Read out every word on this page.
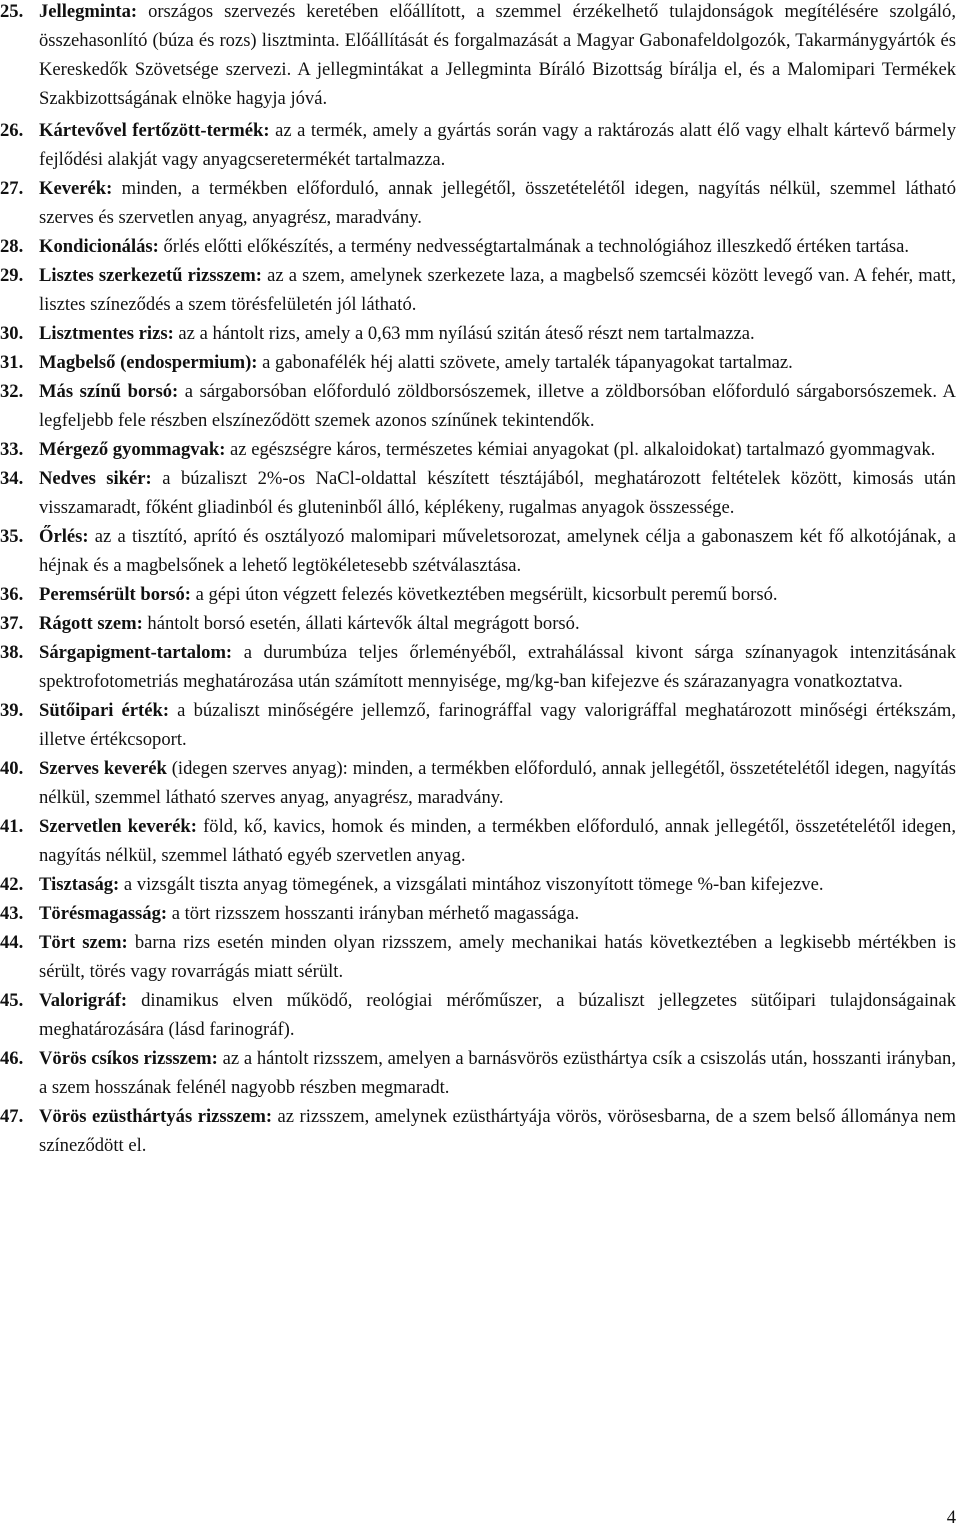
25. Jellegminta: országos szervezés keretében előállított, a szemmel érzékelhető tulajdonságok megítélésére szolgáló, összehasonlító (búza és rozs) lisztminta. Előállítását és forgalmazását a Magyar Gabonafeldolgozók, Takarmánygyártók és Kereskedők Szövetsége szervezi. A jellegmintákat a Jellegminta Bíráló Bizottság bírálja el, és a Malomipari Termékek Szakbizottságának elnöke hagyja jóvá.
26. Kártevővel fertőzött-termék: az a termék, amely a gyártás során vagy a raktározás alatt élő vagy elhalt kártevő bármely fejlődési alakját vagy anyagcseretermékét tartalmazza.
27. Keverék: minden, a termékben előforduló, annak jellegétől, összetételétől idegen, nagyítás nélkül, szemmel látható szerves és szervetlen anyag, anyagrész, maradvány.
28. Kondicionálás: őrlés előtti előkészítés, a termény nedvességtartalmának a technológiához illeszkedő értéken tartása.
29. Lisztes szerkezetű rizsszem: az a szem, amelynek szerkezete laza, a magbelső szemcséi között levegő van. A fehér, matt, lisztes színeződés a szem törésfelületén jól látható.
30. Lisztmentes rizs: az a hántolt rizs, amely a 0,63 mm nyílású szitán áteső részt nem tartalmazza.
31. Magbelső (endospermium): a gabonafélék héj alatti szövete, amely tartalék tápanyagokat tartalmaz.
32. Más színű borsó: a sárgaborsóban előforduló zöldborsószemek, illetve a zöldborsóban előforduló sárgaborsószemek. A legfeljebb fele részben elszíneződött szemek azonos színűnek tekintendők.
33. Mérgező gyommagvak: az egészségre káros, természetes kémiai anyagokat (pl. alkaloidokat) tartalmazó gyommagvak.
34. Nedves sikér: a búzaliszt 2%-os NaCl-oldattal készített tésztájából, meghatározott feltételek között, kimosás után visszamaradt, főként gliadinból és gluteninből álló, képlékeny, rugalmas anyagok összessége.
35. Őrlés: az a tisztító, aprító és osztályozó malomipari műveletsorozat, amelynek célja a gabonaszem két fő alkotójának, a héjnak és a magbelsőnek a lehető legtökéletesebb szétválasztása.
36. Peremsérült borsó: a gépi úton végzett felezés következtében megsérült, kicsorbult peremű borsó.
37. Rágott szem: hántolt borsó esetén, állati kártevők által megrágott borsó.
38. Sárgapigment-tartalom: a durumbúza teljes őrleményéből, extrahálással kivont sárga színanyagok intenzitásának spektrofotometriás meghatározása után számított mennyisége, mg/kg-ban kifejezve és szárazanyagra vonatkoztatva.
39. Sütőipari érték: a búzaliszt minőségére jellemző, farinográffal vagy valorigráffal meghatározott minőségi értékszám, illetve értékcsoport.
40. Szerves keverék (idegen szerves anyag): minden, a termékben előforduló, annak jellegétől, összetételétől idegen, nagyítás nélkül, szemmel látható szerves anyag, anyagrész, maradvány.
41. Szervetlen keverék: föld, kő, kavics, homok és minden, a termékben előforduló, annak jellegétől, összetételétől idegen, nagyítás nélkül, szemmel látható egyéb szervetlen anyag.
42. Tisztaság: a vizsgált tiszta anyag tömegének, a vizsgálati mintához viszonyított tömege %-ban kifejezve.
43. Törésmagasság: a tört rizsszem hosszanti irányban mérhető magassága.
44. Tört szem: barna rizs esetén minden olyan rizsszem, amely mechanikai hatás következtében a legkisebb mértékben is sérült, törés vagy rovarrágás miatt sérült.
45. Valorigráf: dinamikus elven működő, reológiai mérőműszer, a búzaliszt jellegzetes sütőipari tulajdonságainak meghatározására (lásd farinográf).
46. Vörös csíkos rizsszem: az a hántolt rizsszem, amelyen a barnásvörös ezüsthártya csík a csiszolás után, hosszanti irányban, a szem hosszának felénél nagyobb részben megmaradt.
47. Vörös ezüsthártyás rizsszem: az rizsszem, amelynek ezüsthártyája vörös, vörösesbarna, de a szem belső állománya nem színeződött el.
4
